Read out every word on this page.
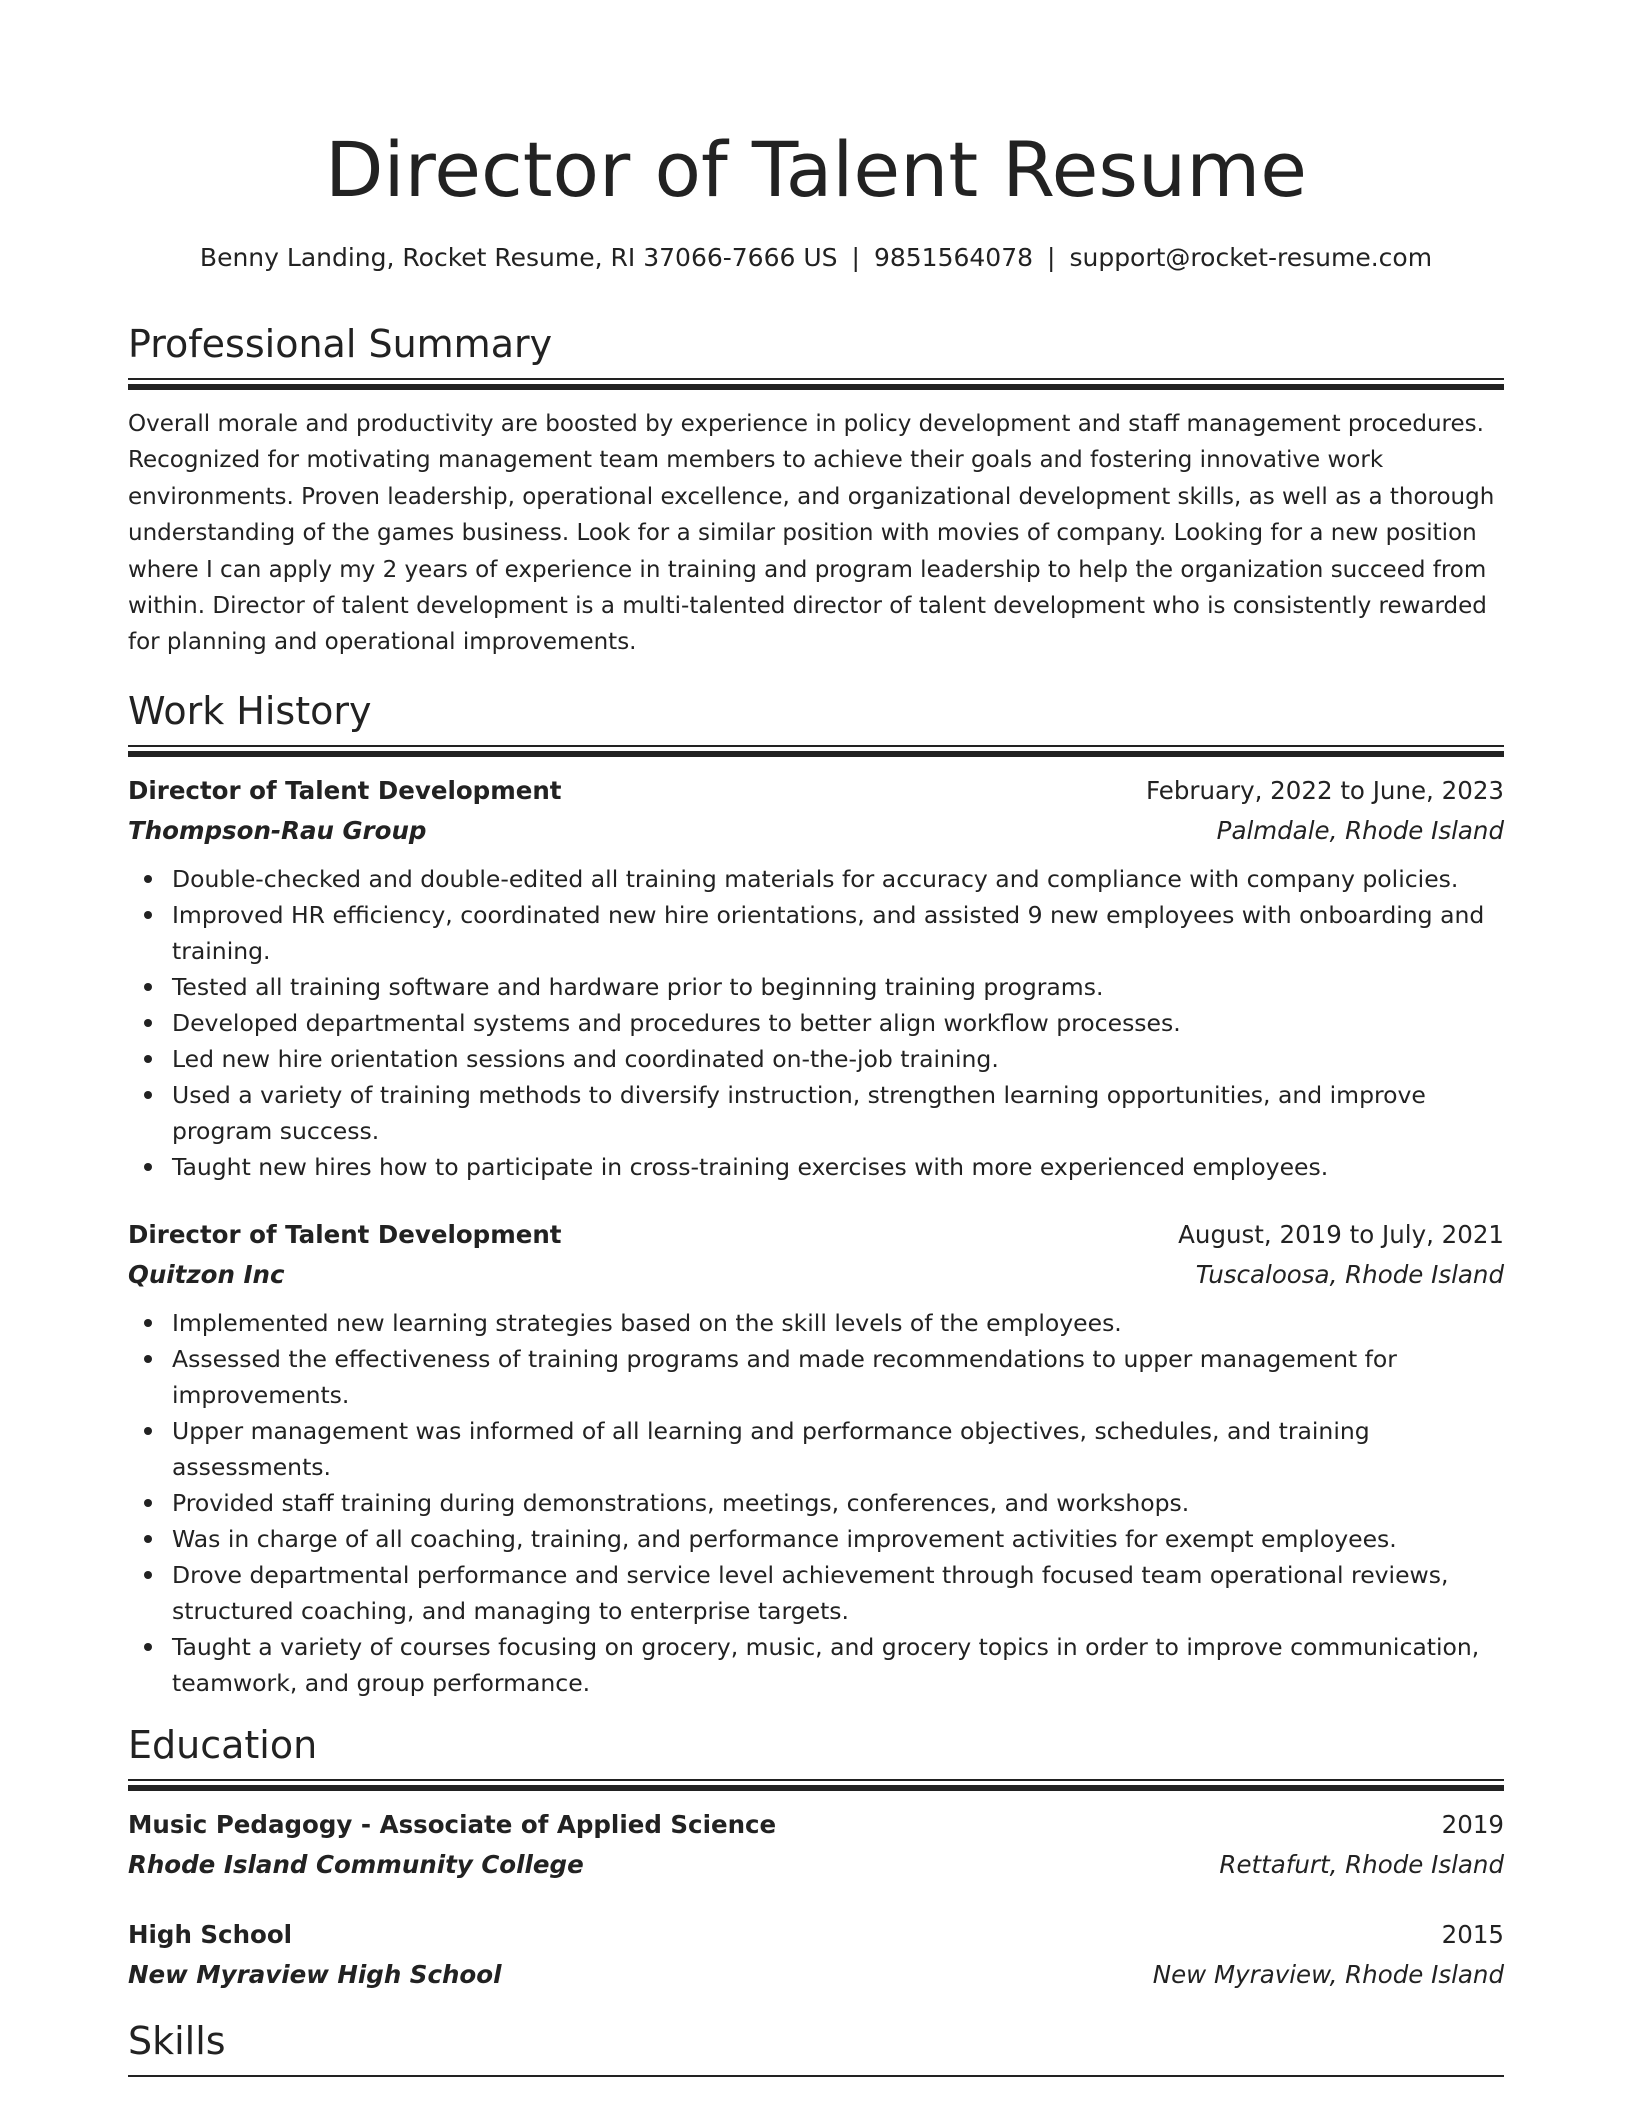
Director of Talent Resume
Benny Landing, Rocket Resume, RI 37066-7666 US | 9851564078 | support@rocket-resume.com
Professional Summary
Overall morale and productivity are boosted by experience in policy development and staff management procedures. Recognized for motivating management team members to achieve their goals and fostering innovative work environments. Proven leadership, operational excellence, and organizational development skills, as well as a thorough understanding of the games business. Look for a similar position with movies of company. Looking for a new position where I can apply my 2 years of experience in training and program leadership to help the organization succeed from within. Director of talent development is a multi-talented director of talent development who is consistently rewarded for planning and operational improvements.
Work History
Director of Talent Development	February, 2022 to June, 2023
Thompson-Rau Group	Palmdale, Rhode Island
Double-checked and double-edited all training materials for accuracy and compliance with company policies.
Improved HR efficiency, coordinated new hire orientations, and assisted 9 new employees with onboarding and training.
Tested all training software and hardware prior to beginning training programs.
Developed departmental systems and procedures to better align workflow processes.
Led new hire orientation sessions and coordinated on-the-job training.
Used a variety of training methods to diversify instruction, strengthen learning opportunities, and improve program success.
Taught new hires how to participate in cross-training exercises with more experienced employees.
Director of Talent Development	August, 2019 to July, 2021
Quitzon Inc	Tuscaloosa, Rhode Island
Implemented new learning strategies based on the skill levels of the employees.
Assessed the effectiveness of training programs and made recommendations to upper management for improvements.
Upper management was informed of all learning and performance objectives, schedules, and training assessments.
Provided staff training during demonstrations, meetings, conferences, and workshops.
Was in charge of all coaching, training, and performance improvement activities for exempt employees.
Drove departmental performance and service level achievement through focused team operational reviews, structured coaching, and managing to enterprise targets.
Taught a variety of courses focusing on grocery, music, and grocery topics in order to improve communication, teamwork, and group performance.
Education
Music Pedagogy - Associate of Applied Science	2019
Rhode Island Community College	Rettafurt, Rhode Island
High School	2015
New Myraview High School	New Myraview, Rhode Island
Skills
